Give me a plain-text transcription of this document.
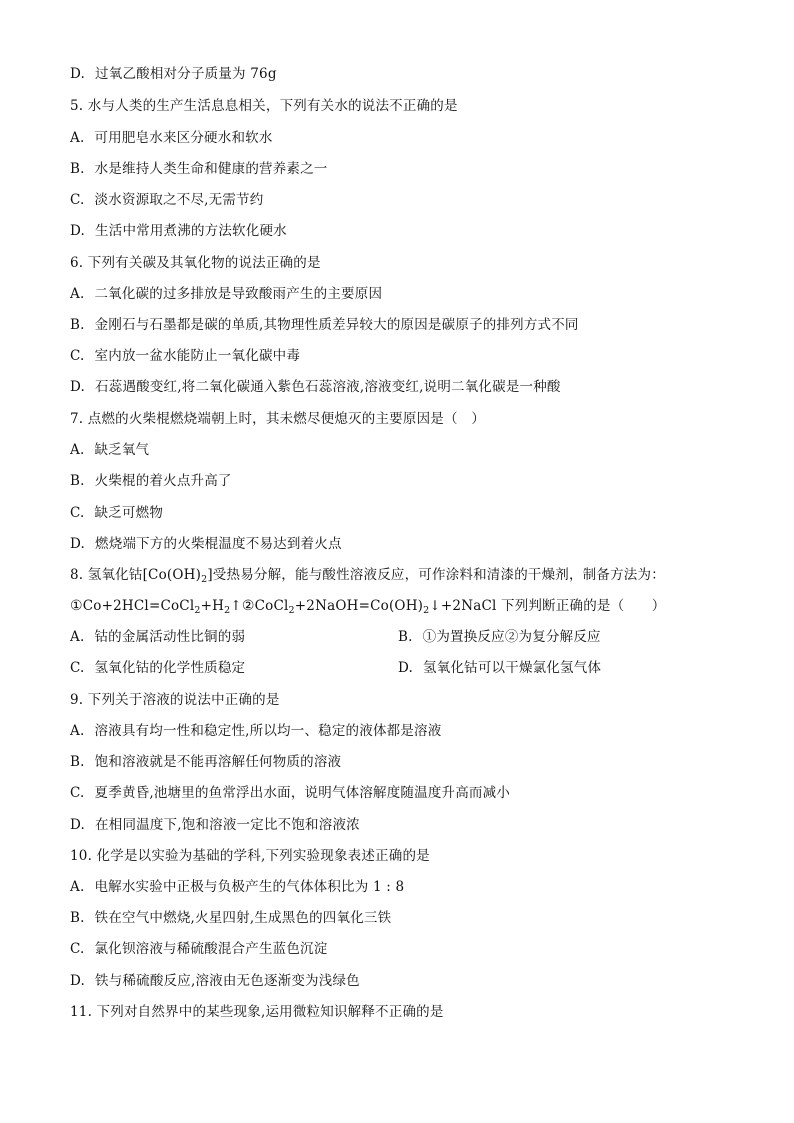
D. 过氧乙酸相对分子质量为 76g
5. 水与人类的生产生活息息相关，下列有关水的说法不正确的是
A. 可用肥皂水来区分硬水和软水
B. 水是维持人类生命和健康的营养素之一
C. 淡水资源取之不尽,无需节约
D. 生活中常用煮沸的方法软化硬水
6. 下列有关碳及其氧化物的说法正确的是
A. 二氧化碳的过多排放是导致酸雨产生的主要原因
B. 金刚石与石墨都是碳的单质,其物理性质差异较大的原因是碳原子的排列方式不同
C. 室内放一盆水能防止一氧化碳中毒
D. 石蕊遇酸变红,将二氧化碳通入紫色石蕊溶液,溶液变红,说明二氧化碳是一种酸
7. 点燃的火柴棍燃烧端朝上时，其未燃尽便熄灭的主要原因是（　）
A. 缺乏氧气
B. 火柴棍的着火点升高了
C. 缺乏可燃物
D. 燃烧端下方的火柴棍温度不易达到着火点
8. 氢氧化钴$[Co(OH)_2]$受热易分解，能与酸性溶液反应，可作涂料和清漆的干燥剂，制备方法为：
$①Co+2HCl=CoCl_2+H_2↑②CoCl_2+2NaOH=Co(OH)_2↓+2NaCl$ 下列判断正确的是（　　）
A. 钴的金属活动性比铜的弱	B. ①为置换反应②为复分解反应
C. 氢氧化钴的化学性质稳定	D. 氢氧化钴可以干燥氯化氢气体
9. 下列关于溶液的说法中正确的是
A. 溶液具有均一性和稳定性,所以均一、稳定的液体都是溶液
B. 饱和溶液就是不能再溶解任何物质的溶液
C. 夏季黄昏,池塘里的鱼常浮出水面，说明气体溶解度随温度升高而减小
D. 在相同温度下,饱和溶液一定比不饱和溶液浓
10. 化学是以实验为基础的学科,下列实验现象表述正确的是
A. 电解水实验中正极与负极产生的气体体积比为 1 : 8
B. 铁在空气中燃烧,火星四射,生成黑色的四氧化三铁
C. 氯化钡溶液与稀硫酸混合产生蓝色沉淀
D. 铁与稀硫酸反应,溶液由无色逐渐变为浅绿色
11. 下列对自然界中的某些现象,运用微粒知识解释不正确的是
